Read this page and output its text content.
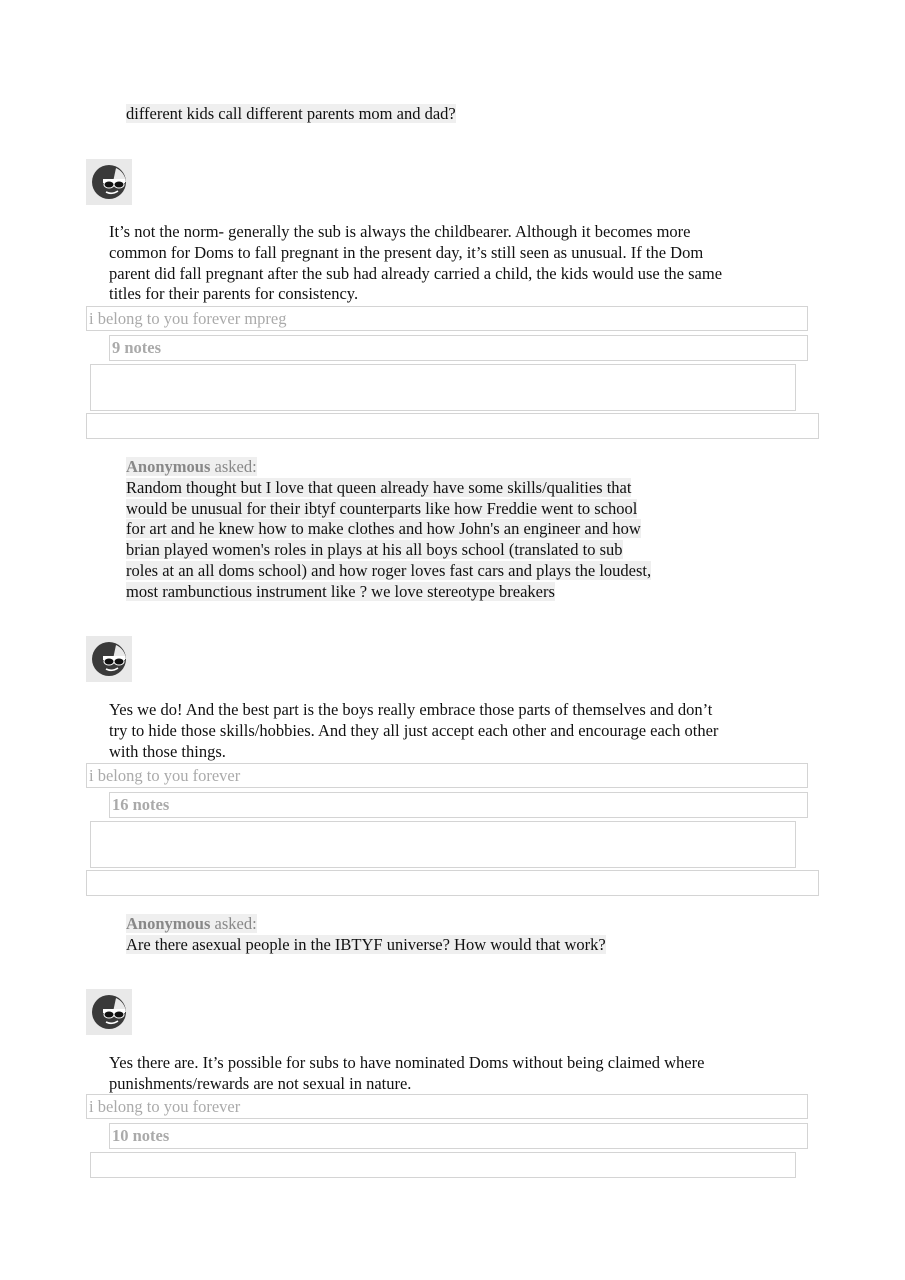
different kids call different parents mom and dad?
It’s not the norm- generally the sub is always the childbearer. Although it becomes more
common for Doms to fall pregnant in the present day, it’s still seen as unusual. If the Dom
parent did fall pregnant after the sub had already carried a child, the kids would use the same
titles for their parents for consistency.
i belong to you forever mpreg
9 notes
Anonymous asked:
Random thought but I love that queen already have some skills/qualities that
would be unusual for their ibtyf counterparts like how Freddie went to school
for art and he knew how to make clothes and how John's an engineer and how
brian played women's roles in plays at his all boys school (translated to sub
roles at an all doms school) and how roger loves fast cars and plays the loudest,
most rambunctious instrument like ? we love stereotype breakers
Yes we do! And the best part is the boys really embrace those parts of themselves and don’t
try to hide those skills/hobbies. And they all just accept each other and encourage each other
with those things.
i belong to you forever
16 notes
Anonymous asked:
Are there asexual people in the IBTYF universe? How would that work?
Yes there are. It’s possible for subs to have nominated Doms without being claimed where
punishments/rewards are not sexual in nature.
i belong to you forever
10 notes
